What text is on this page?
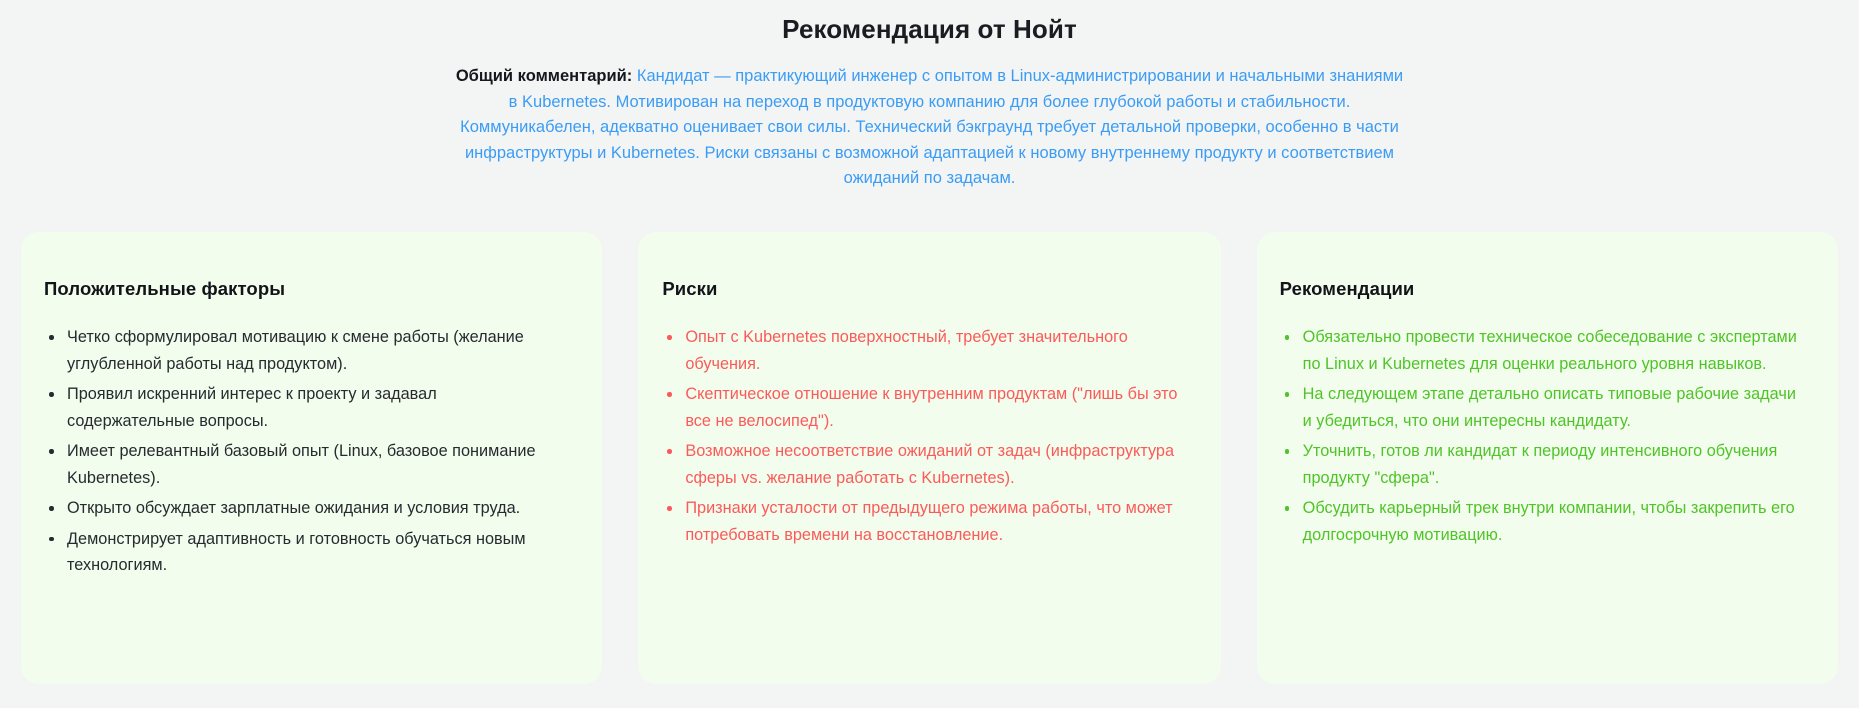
Рекомендация от Нойт

Общий комментарий: Кандидат — практикующий инженер с опытом в Linux-администрировании и начальными знаниями в Kubernetes. Мотивирован на переход в продуктовую компанию для более глубокой работы и стабильности. Коммуникабелен, адекватно оценивает свои силы. Технический бэкграунд требует детальной проверки, особенно в части инфраструктуры и Kubernetes. Риски связаны с возможной адаптацией к новому внутреннему продукту и соответствием ожиданий по задачам.

Положительные факторы
Четко сформулировал мотивацию к смене работы (желание углубленной работы над продуктом).
Проявил искренний интерес к проекту и задавал содержательные вопросы.
Имеет релевантный базовый опыт (Linux, базовое понимание Kubernetes).
Открыто обсуждает зарплатные ожидания и условия труда.
Демонстрирует адаптивность и готовность обучаться новым технологиям.
Риски
Опыт с Kubernetes поверхностный, требует значительного обучения.
Скептическое отношение к внутренним продуктам ("лишь бы это все не велосипед").
Возможное несоответствие ожиданий от задач (инфраструктура сферы vs. желание работать с Kubernetes).
Признаки усталости от предыдущего режима работы, что может потребовать времени на восстановление.
Рекомендации
Обязательно провести техническое собеседование с экспертами по Linux и Kubernetes для оценки реального уровня навыков.
На следующем этапе детально описать типовые рабочие задачи и убедиться, что они интересны кандидату.
Уточнить, готов ли кандидат к периоду интенсивного обучения продукту "сфера".
Обсудить карьерный трек внутри компании, чтобы закрепить его долгосрочную мотивацию.
